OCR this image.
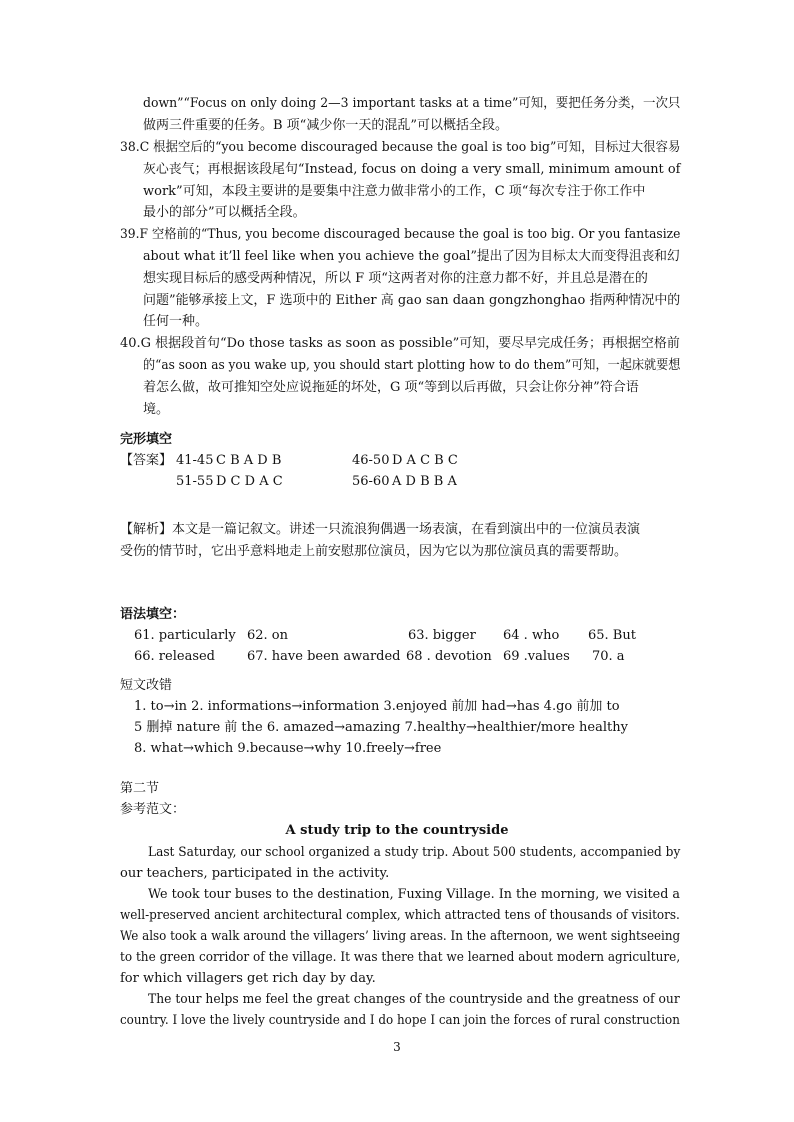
down”“Focus on only doing 2—3 important tasks at a time”可知，要把任务分类，一次只
做两三件重要的任务。B 项“减少你一天的混乱”可以概括全段。
38.C 根据空后的“you become discouraged because the goal is too big”可知，目标过大很容易
灰心丧气；再根据该段尾句“Instead, focus on doing a very small, minimum amount of
work”可知，本段主要讲的是要集中注意力做非常小的工作，C 项“每次专注于你工作中
最小的部分”可以概括全段。
39.F 空格前的“Thus, you become discouraged because the goal is too big. Or you fantasize
about what it’ll feel like when you achieve the goal”提出了因为目标太大而变得沮丧和幻
想实现目标后的感受两种情况，所以 F 项“这两者对你的注意力都不好，并且总是潜在的
问题”能够承接上文，F 选项中的 Either 高 gao san daan gongzhonghao 指两种情况中的
任何一种。
40.G 根据段首句“Do those tasks as soon as possible”可知，要尽早完成任务；再根据空格前
的“as soon as you wake up, you should start plotting how to do them”可知，一起床就要想
着怎么做，故可推知空处应说拖延的坏处，G 项“等到以后再做，只会让你分神”符合语
境。
完形填空
【答案】 41-45 C B A D B	46-50 D A C B C
51-55 D C D A C	56-60 A D B B A
【解析】本文是一篇记叙文。讲述一只流浪狗偶遇一场表演，在看到演出中的一位演员表演
受伤的情节时，它出乎意料地走上前安慰那位演员，因为它以为那位演员真的需要帮助。
语法填空：
61. particularly 62. on	63. bigger 64 . who 65. But
66. released 67. have been awarded 68 . devotion 69 .values 70. a
短文改错
1. to→in 2. informations→information 3.enjoyed 前加 had→has 4.go 前加 to
5 删掉 nature 前 the 6. amazed→amazing 7.healthy→healthier/more healthy
8. what→which 9.because→why 10.freely→free
第二节
参考范文：
A study trip to the countryside
Last Saturday, our school organized a study trip. About 500 students, accompanied by
our teachers, participated in the activity.
We took tour buses to the destination, Fuxing Village. In the morning, we visited a
well-preserved ancient architectural complex, which attracted tens of thousands of visitors.
We also took a walk around the villagers’ living areas. In the afternoon, we went sightseeing
to the green corridor of the village. It was there that we learned about modern agriculture,
for which villagers get rich day by day.
The tour helps me feel the great changes of the countryside and the greatness of our
country. I love the lively countryside and I do hope I can join the forces of rural construction
3
